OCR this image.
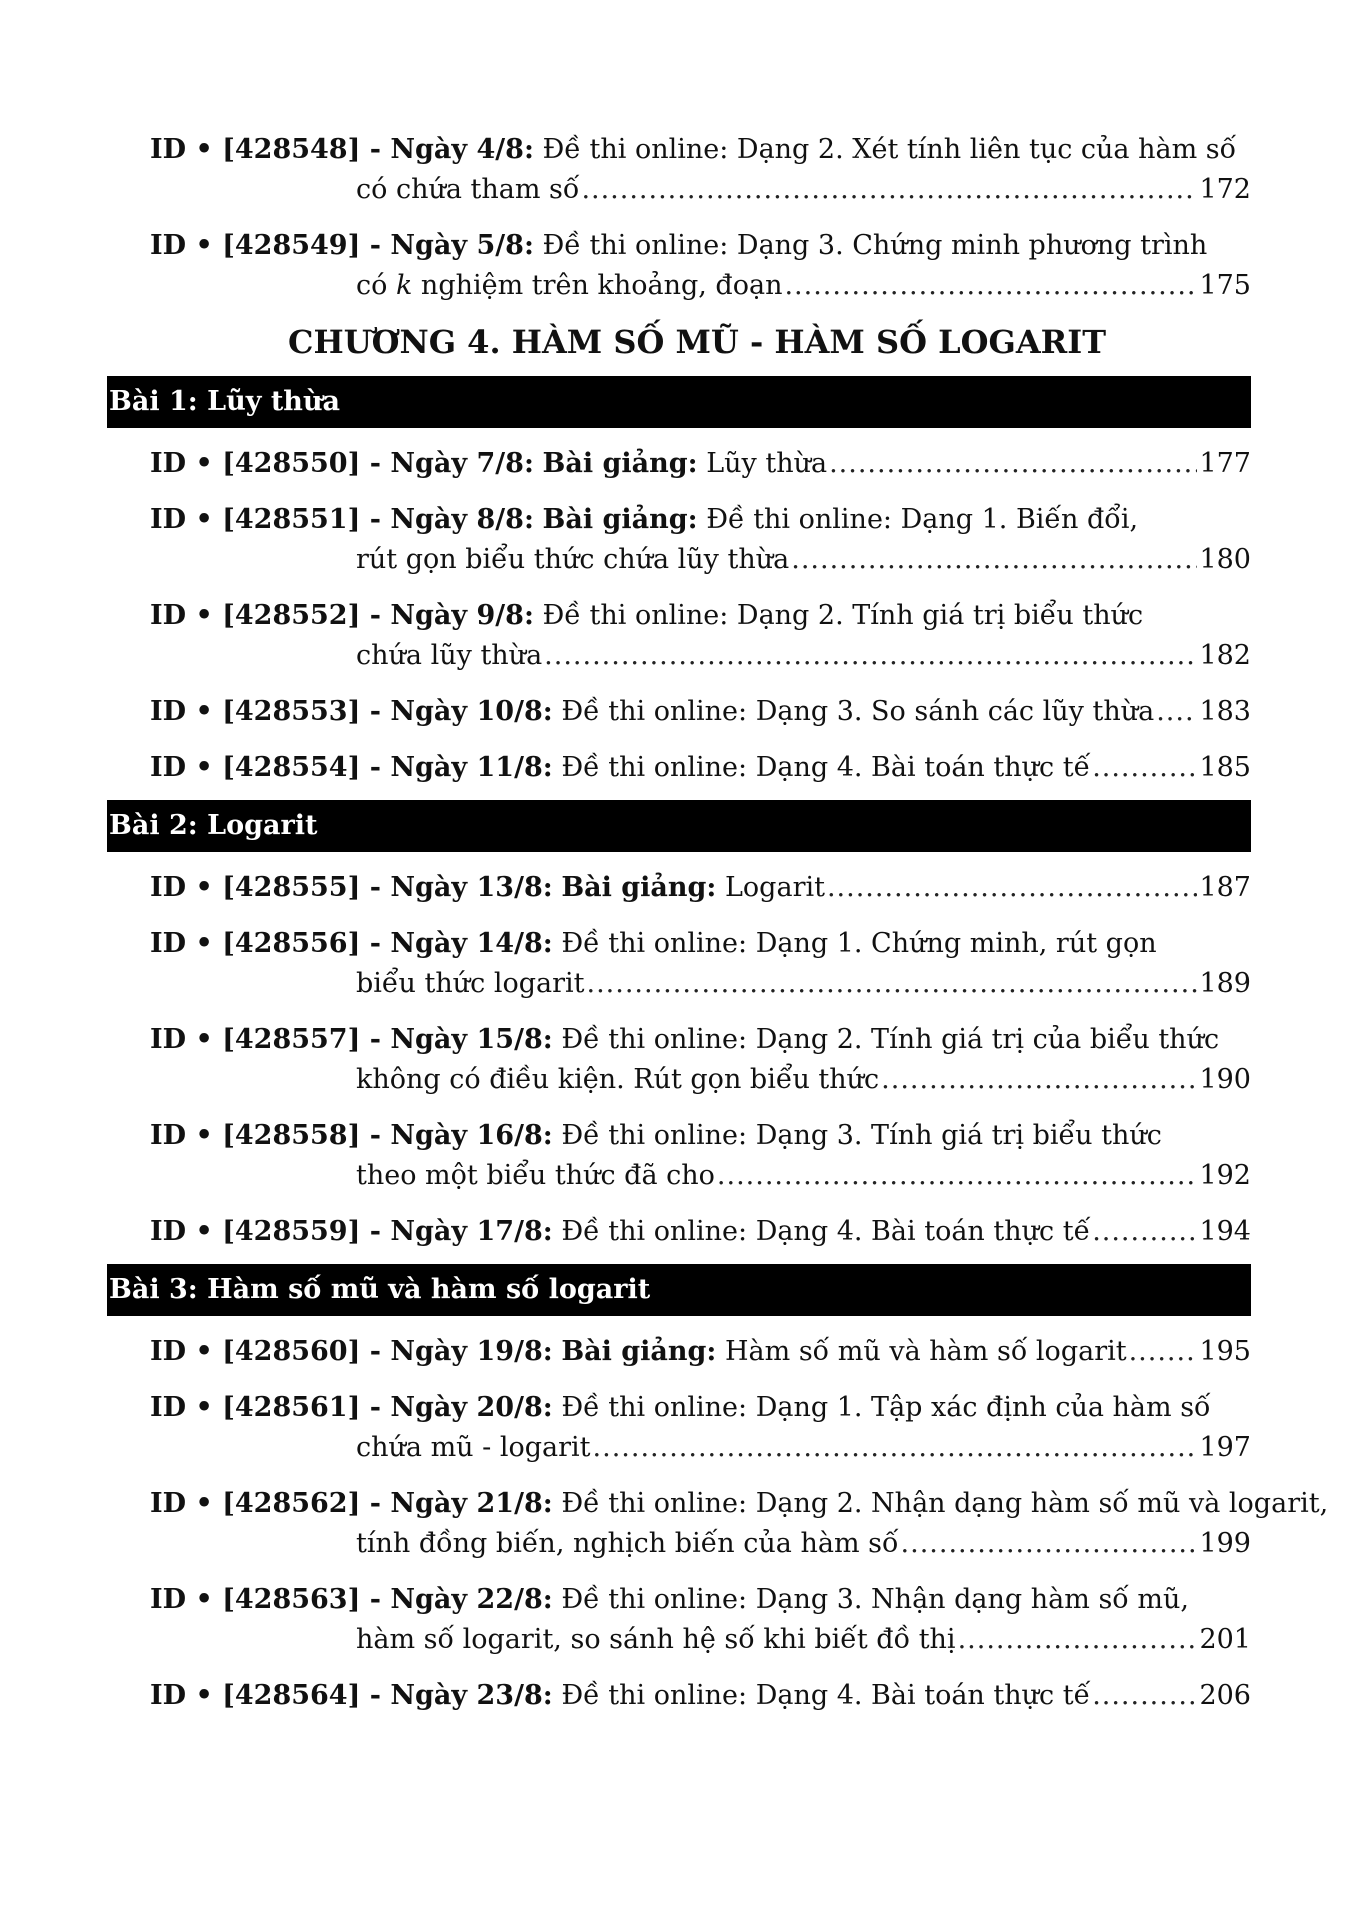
ID • [428548] - Ngày 4/8: Đề thi online: Dạng 2. Xét tính liên tục của hàm số
có chứa tham số .....	172
ID • [428549] - Ngày 5/8: Đề thi online: Dạng 3. Chứng minh phương trình
có k nghiệm trên khoảng, đoạn .....	175
CHƯƠNG 4. HÀM SỐ MŨ - HÀM SỐ LOGARIT
Bài 1: Lũy thừa
ID • [428550] - Ngày 7/8: Bài giảng: Lũy thừa .....	177
ID • [428551] - Ngày 8/8: Bài giảng: Đề thi online: Dạng 1. Biến đổi,
rút gọn biểu thức chứa lũy thừa .....	180
ID • [428552] - Ngày 9/8: Đề thi online: Dạng 2. Tính giá trị biểu thức
chứa lũy thừa .....	182
ID • [428553] - Ngày 10/8: Đề thi online: Dạng 3. So sánh các lũy thừa ..... 183
ID • [428554] - Ngày 11/8: Đề thi online: Dạng 4. Bài toán thực tế .....	185
Bài 2: Logarit
ID • [428555] - Ngày 13/8: Bài giảng: Logarit .....	187
ID • [428556] - Ngày 14/8: Đề thi online: Dạng 1. Chứng minh, rút gọn
biểu thức logarit .....	189
ID • [428557] - Ngày 15/8: Đề thi online: Dạng 2. Tính giá trị của biểu thức
không có điều kiện. Rút gọn biểu thức .....	190
ID • [428558] - Ngày 16/8: Đề thi online: Dạng 3. Tính giá trị biểu thức
theo một biểu thức đã cho .....	192
ID • [428559] - Ngày 17/8: Đề thi online: Dạng 4. Bài toán thực tế .....	194
Bài 3: Hàm số mũ và hàm số logarit
ID • [428560] - Ngày 19/8: Bài giảng: Hàm số mũ và hàm số logarit .....	195
ID • [428561] - Ngày 20/8: Đề thi online: Dạng 1. Tập xác định của hàm số
chứa mũ - logarit .....	197
ID • [428562] - Ngày 21/8: Đề thi online: Dạng 2. Nhận dạng hàm số mũ và logarit,
tính đồng biến, nghịch biến của hàm số .....	199
ID • [428563] - Ngày 22/8: Đề thi online: Dạng 3. Nhận dạng hàm số mũ,
hàm số logarit, so sánh hệ số khi biết đồ thị .....	201
ID • [428564] - Ngày 23/8: Đề thi online: Dạng 4. Bài toán thực tế .....	206
